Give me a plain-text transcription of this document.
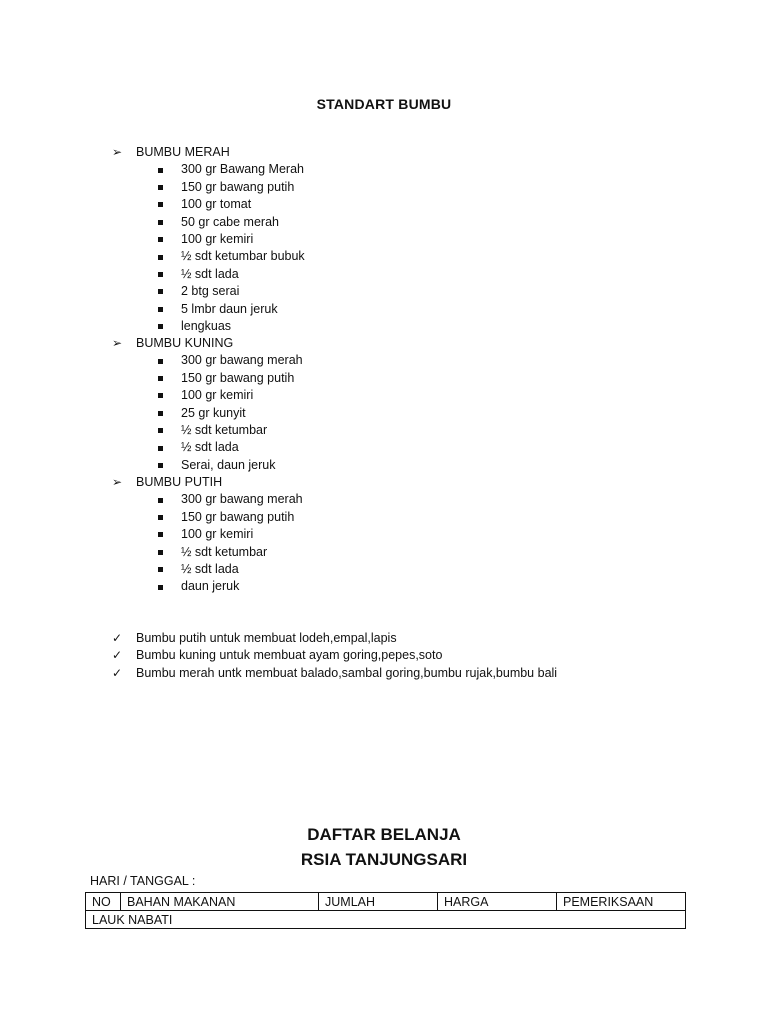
STANDART BUMBU
➢	BUMBU MERAH
300 gr Bawang Merah
150 gr bawang putih
100 gr tomat
50 gr cabe merah
100 gr kemiri
½ sdt ketumbar bubuk
½ sdt lada
2 btg serai
5 lmbr daun jeruk
lengkuas
➢	BUMBU KUNING
300 gr bawang merah
150 gr bawang putih
100 gr kemiri
25 gr kunyit
½ sdt ketumbar
½ sdt lada
Serai, daun jeruk
➢	BUMBU PUTIH
300 gr bawang merah
150 gr bawang putih
100 gr kemiri
½ sdt ketumbar
½ sdt lada
daun jeruk
✓	Bumbu putih untuk membuat lodeh,empal,lapis
✓	Bumbu kuning untuk membuat ayam goring,pepes,soto
✓	Bumbu merah untk membuat balado,sambal goring,bumbu rujak,bumbu bali
DAFTAR BELANJA
RSIA TANJUNGSARI
HARI / TANGGAL :
NO	BAHAN MAKANAN	JUMLAH	HARGA	PEMERIKSAAN
LAUK NABATI
